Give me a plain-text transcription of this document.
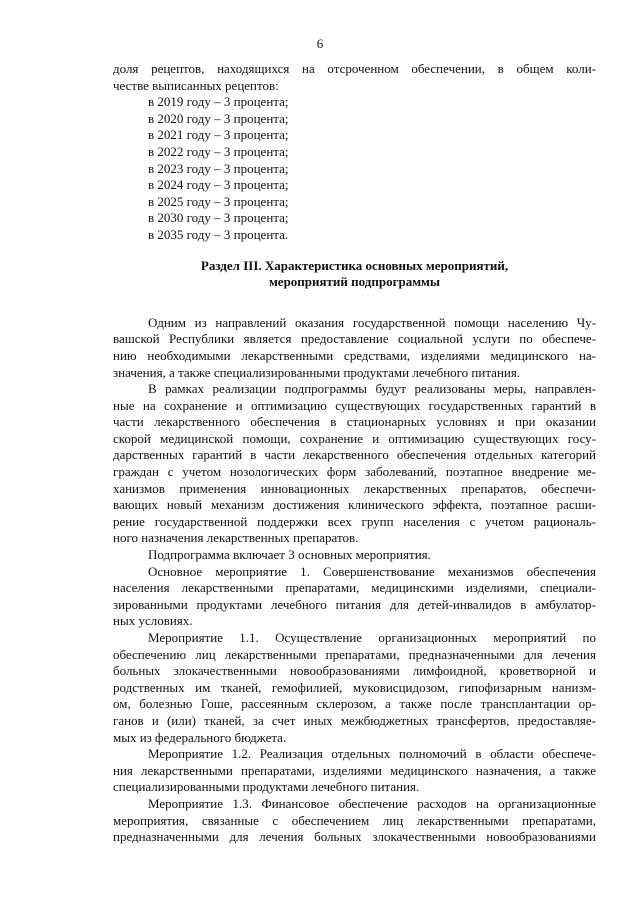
6
доля рецептов, находящихся на отсроченном обеспечении, в общем коли-
честве выписанных рецептов:
в 2019 году – 3 процента;
в 2020 году – 3 процента;
в 2021 году – 3 процента;
в 2022 году – 3 процента;
в 2023 году – 3 процента;
в 2024 году – 3 процента;
в 2025 году – 3 процента;
в 2030 году – 3 процента;
в 2035 году – 3 процента.
Раздел III. Характеристика основных мероприятий,
мероприятий подпрограммы
Одним из направлений оказания государственной помощи населению Чу-
вашской Республики является предоставление социальной услуги по обеспече-
нию необходимыми лекарственными средствами, изделиями медицинского на-
значения, а также специализированными продуктами лечебного питания.
В рамках реализации подпрограммы будут реализованы меры, направлен-
ные на сохранение и оптимизацию существующих государственных гарантий в
части лекарственного обеспечения в стационарных условиях и при оказании
скорой медицинской помощи, сохранение и оптимизацию существующих госу-
дарственных гарантий в части лекарственного обеспечения отдельных категорий
граждан с учетом нозологических форм заболеваний, поэтапное внедрение ме-
ханизмов применения инновационных лекарственных препаратов, обеспечи-
вающих новый механизм достижения клинического эффекта, поэтапное расши-
рение государственной поддержки всех групп населения с учетом рациональ-
ного назначения лекарственных препаратов.
Подпрограмма включает 3 основных мероприятия.
Основное мероприятие 1. Совершенствование механизмов обеспечения
населения лекарственными препаратами, медицинскими изделиями, специали-
зированными продуктами лечебного питания для детей-инвалидов в амбулатор-
ных условиях.
Мероприятие 1.1. Осуществление организационных мероприятий по
обеспечению лиц лекарственными препаратами, предназначенными для лечения
больных злокачественными новообразованиями лимфоидной, кроветворной и
родственных им тканей, гемофилией, муковисцидозом, гипофизарным нанизм-
ом, болезнью Гоше, рассеянным склерозом, а также после трансплантации ор-
ганов и (или) тканей, за счет иных межбюджетных трансфертов, предоставляе-
мых из федерального бюджета.
Мероприятие 1.2. Реализация отдельных полномочий в области обеспече-
ния лекарственными препаратами, изделиями медицинского назначения, а также
специализированными продуктами лечебного питания.
Мероприятие 1.3. Финансовое обеспечение расходов на организационные
мероприятия, связанные с обеспечением лиц лекарственными препаратами,
предназначенными для лечения больных злокачественными новообразованиями
